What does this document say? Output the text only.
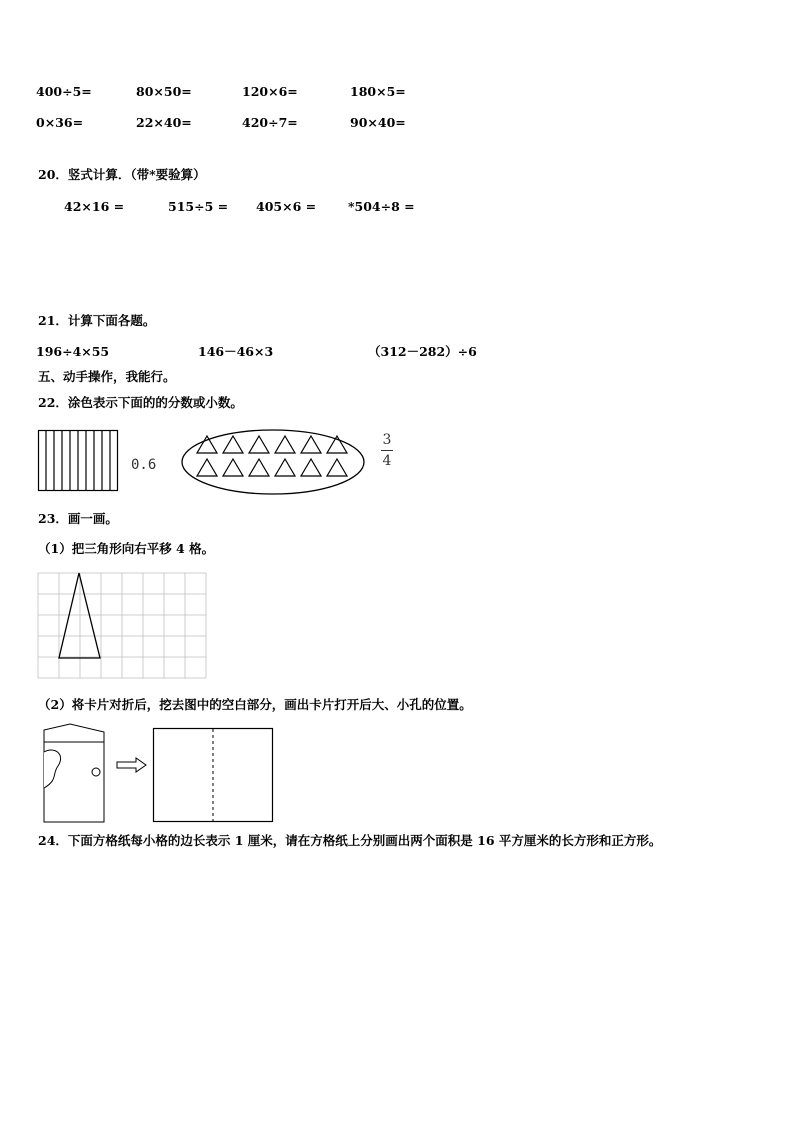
400÷5=	80×50=	120×6=	180×5=
0×36=	22×40=	420÷7=	90×40=
20．竖式计算．（带*要验算）
42×16 =	515÷5 = 405×6 =	*504÷8 =
21．计算下面各题。
196÷4×55	146－46×3	（312－282）÷6
五、动手操作，我能行。
22．涂色表示下面的的分数或小数。
0.6
3
4
23．画一画。
（1）把三角形向右平移 4 格。
（2）将卡片对折后，挖去图中的空白部分，画出卡片打开后大、小孔的位置。
24．下面方格纸每小格的边长表示 1 厘米，请在方格纸上分别画出两个面积是 16 平方厘米的长方形和正方形。
